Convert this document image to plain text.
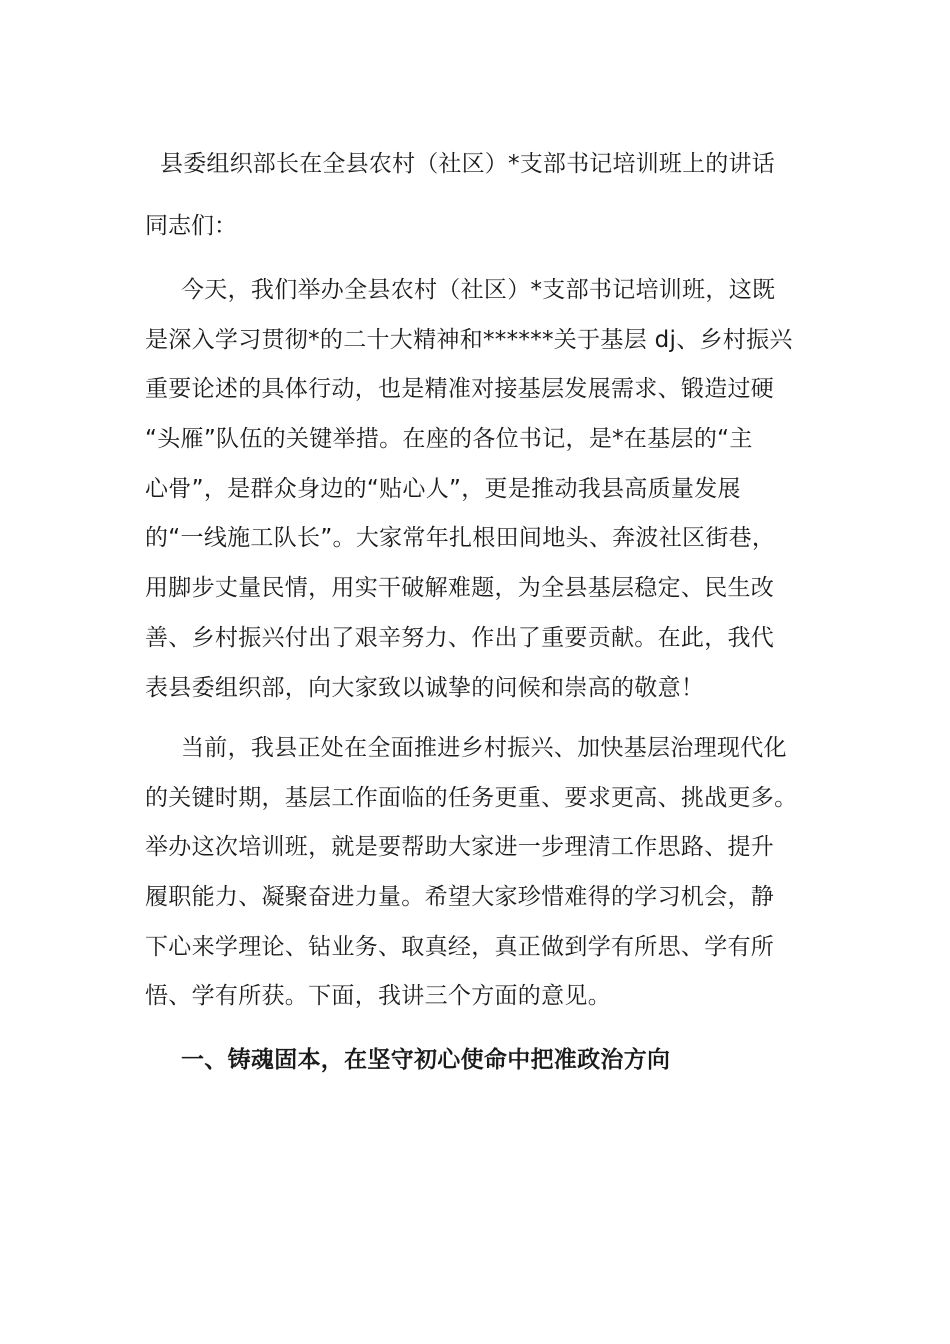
县委组织部长在全县农村（社区）*支部书记培训班上的讲话
同志们：
今天，我们举办全县农村（社区）*支部书记培训班，这既
是深入学习贯彻*的二十大精神和******关于基层 dj、乡村振兴
重要论述的具体行动，也是精准对接基层发展需求、锻造过硬
“头雁”队伍的关键举措。在座的各位书记，是*在基层的“主
心骨”，是群众身边的“贴心人”，更是推动我县高质量发展
的“一线施工队长”。大家常年扎根田间地头、奔波社区街巷，
用脚步丈量民情，用实干破解难题，为全县基层稳定、民生改
善、乡村振兴付出了艰辛努力、作出了重要贡献。在此，我代
表县委组织部，向大家致以诚挚的问候和崇高的敬意！
当前，我县正处在全面推进乡村振兴、加快基层治理现代化
的关键时期，基层工作面临的任务更重、要求更高、挑战更多。
举办这次培训班，就是要帮助大家进一步理清工作思路、提升
履职能力、凝聚奋进力量。希望大家珍惜难得的学习机会，静
下心来学理论、钻业务、取真经，真正做到学有所思、学有所
悟、学有所获。下面，我讲三个方面的意见。
一、铸魂固本，在坚守初心使命中把准政治方向
